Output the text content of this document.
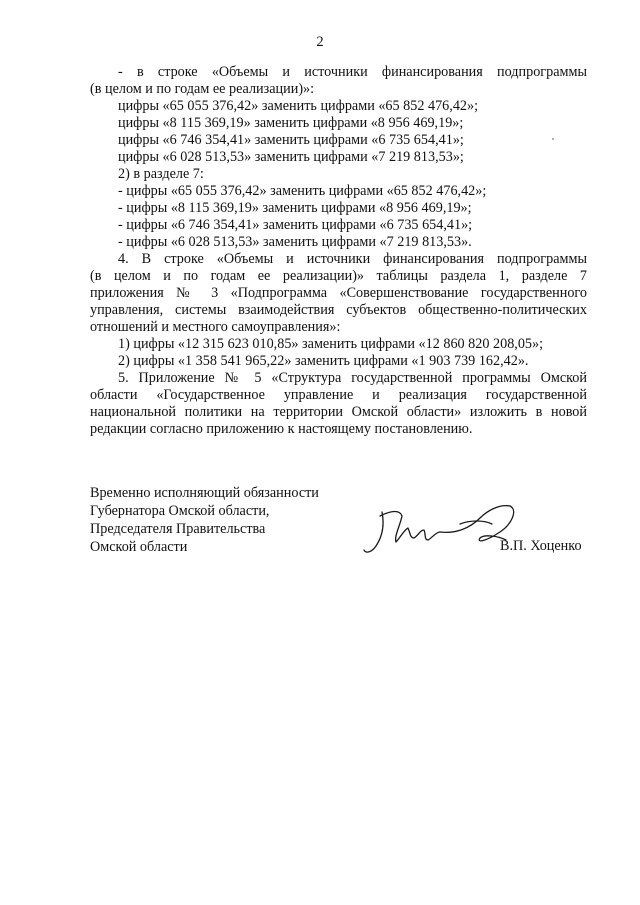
2

- в строке «Объемы и источники финансирования подпрограммы

(в целом и по годам ее реализации)»:

цифры «65 055 376,42» заменить цифрами «65 852 476,42»;

цифры «8 115 369,19» заменить цифрами «8 956 469,19»;

цифры «6 746 354,41» заменить цифрами «6 735 654,41»;

цифры «6 028 513,53» заменить цифрами «7 219 813,53»;

2) в разделе 7:

- цифры «65 055 376,42» заменить цифрами «65 852 476,42»;

- цифры «8 115 369,19» заменить цифрами «8 956 469,19»;

- цифры «6 746 354,41» заменить цифрами «6 735 654,41»;

- цифры «6 028 513,53» заменить цифрами «7 219 813,53».

4. В строке «Объемы и источники финансирования подпрограммы

(в целом и по годам ее реализации)» таблицы раздела 1, разделе 7

приложения № 3 «Подпрограмма «Совершенствование государственного

управления, системы взаимодействия субъектов общественно-политических

отношений и местного самоуправления»:

1) цифры «12 315 623 010,85» заменить цифрами «12 860 820 208,05»;

2) цифры «1 358 541 965,22» заменить цифрами «1 903 739 162,42».

5. Приложение № 5 «Структура государственной программы Омской

области «Государственное управление и реализация государственной

национальной политики на территории Омской области» изложить в новой

редакции согласно приложению к настоящему постановлению.

Временно исполняющий обязанности

Губернатора Омской области,

Председателя Правительства

Омской области	В.П. Хоценко
